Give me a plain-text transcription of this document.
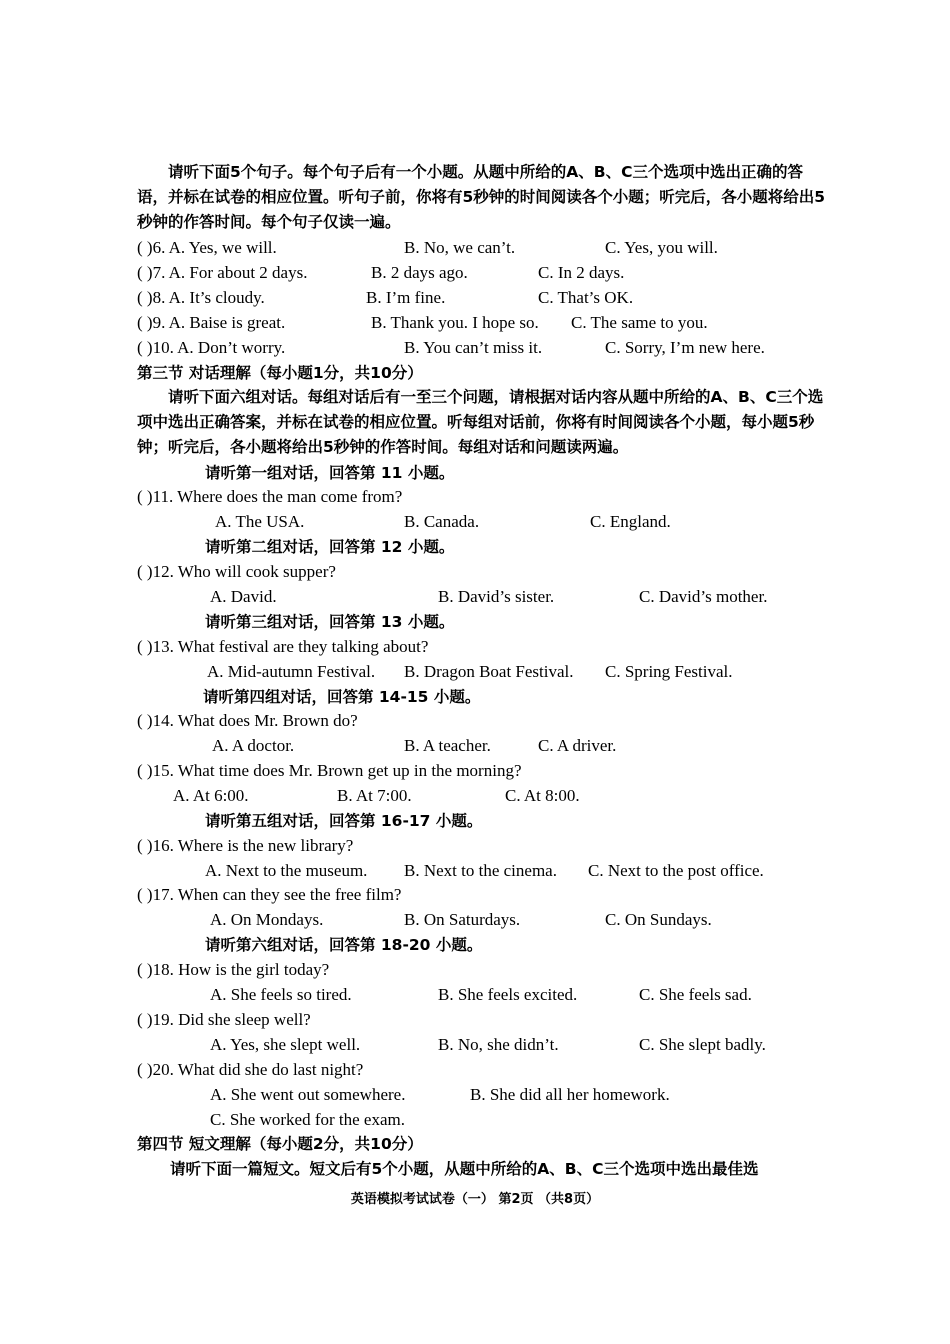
请听下面5个句子。每个句子后有一个小题。从题中所给的A、B、C三个选项中选出正确的答语，并标在试卷的相应位置。听句子前，你将有5秒钟的时间阅读各个小题；听完后，各小题将给出5秒钟的作答时间。每个句子仅读一遍。

( )6. A. Yes, we will.	B. No, we can’t.	C. Yes, you will.
( )7. A. For about 2 days.	B. 2 days ago.	C. In 2 days.
( )8. A. It’s cloudy.	B. I’m fine.	C. That’s OK.
( )9. A. Baise is great.	B. Thank you. I hope so. C. The same to you.
( )10. A. Don’t worry.	B. You can’t miss it.	C. Sorry, I’m new here.
第三节 对话理解（每小题1分，共10分）

请听下面六组对话。每组对话后有一至三个问题，请根据对话内容从题中所给的A、B、C三个选项中选出正确答案，并标在试卷的相应位置。听每组对话前，你将有时间阅读各个小题，每小题5秒钟；听完后，各小题将给出5秒钟的作答时间。每组对话和问题读两遍。

请听第一组对话，回答第 11 小题。
( )11. Where does the man come from?
A. The USA.	B. Canada.	C. England.
请听第二组对话，回答第 12 小题。
( )12. Who will cook supper?
A. David.	B. David’s sister.	C. David’s mother.
请听第三组对话，回答第 13 小题。
( )13. What festival are they talking about?
A. Mid-autumn Festival. B. Dragon Boat Festival. C. Spring Festival.
请听第四组对话，回答第 14-15 小题。
( )14. What does Mr. Brown do?
A. A doctor.	B. A teacher.	C. A driver.
( )15. What time does Mr. Brown get up in the morning?
A. At 6:00.	B. At 7:00.	C. At 8:00.
请听第五组对话，回答第 16-17 小题。
( )16. Where is the new library?
A. Next to the museum. B. Next to the cinema. C. Next to the post office.
( )17. When can they see the free film?
A. On Mondays.	B. On Saturdays.	C. On Sundays.
请听第六组对话，回答第 18-20 小题。
( )18. How is the girl today?
A. She feels so tired.	B. She feels excited.	C. She feels sad.
( )19. Did she sleep well?
A. Yes, she slept well.	B. No, she didn’t.	C. She slept badly.
( )20. What did she do last night?
A. She went out somewhere.	B. She did all her homework.
C. She worked for the exam.
第四节 短文理解（每小题2分，共10分）
请听下面一篇短文。短文后有5个小题，从题中所给的A、B、C三个选项中选出最佳选
英语模拟考试试卷（一） 第2页 （共8页）
